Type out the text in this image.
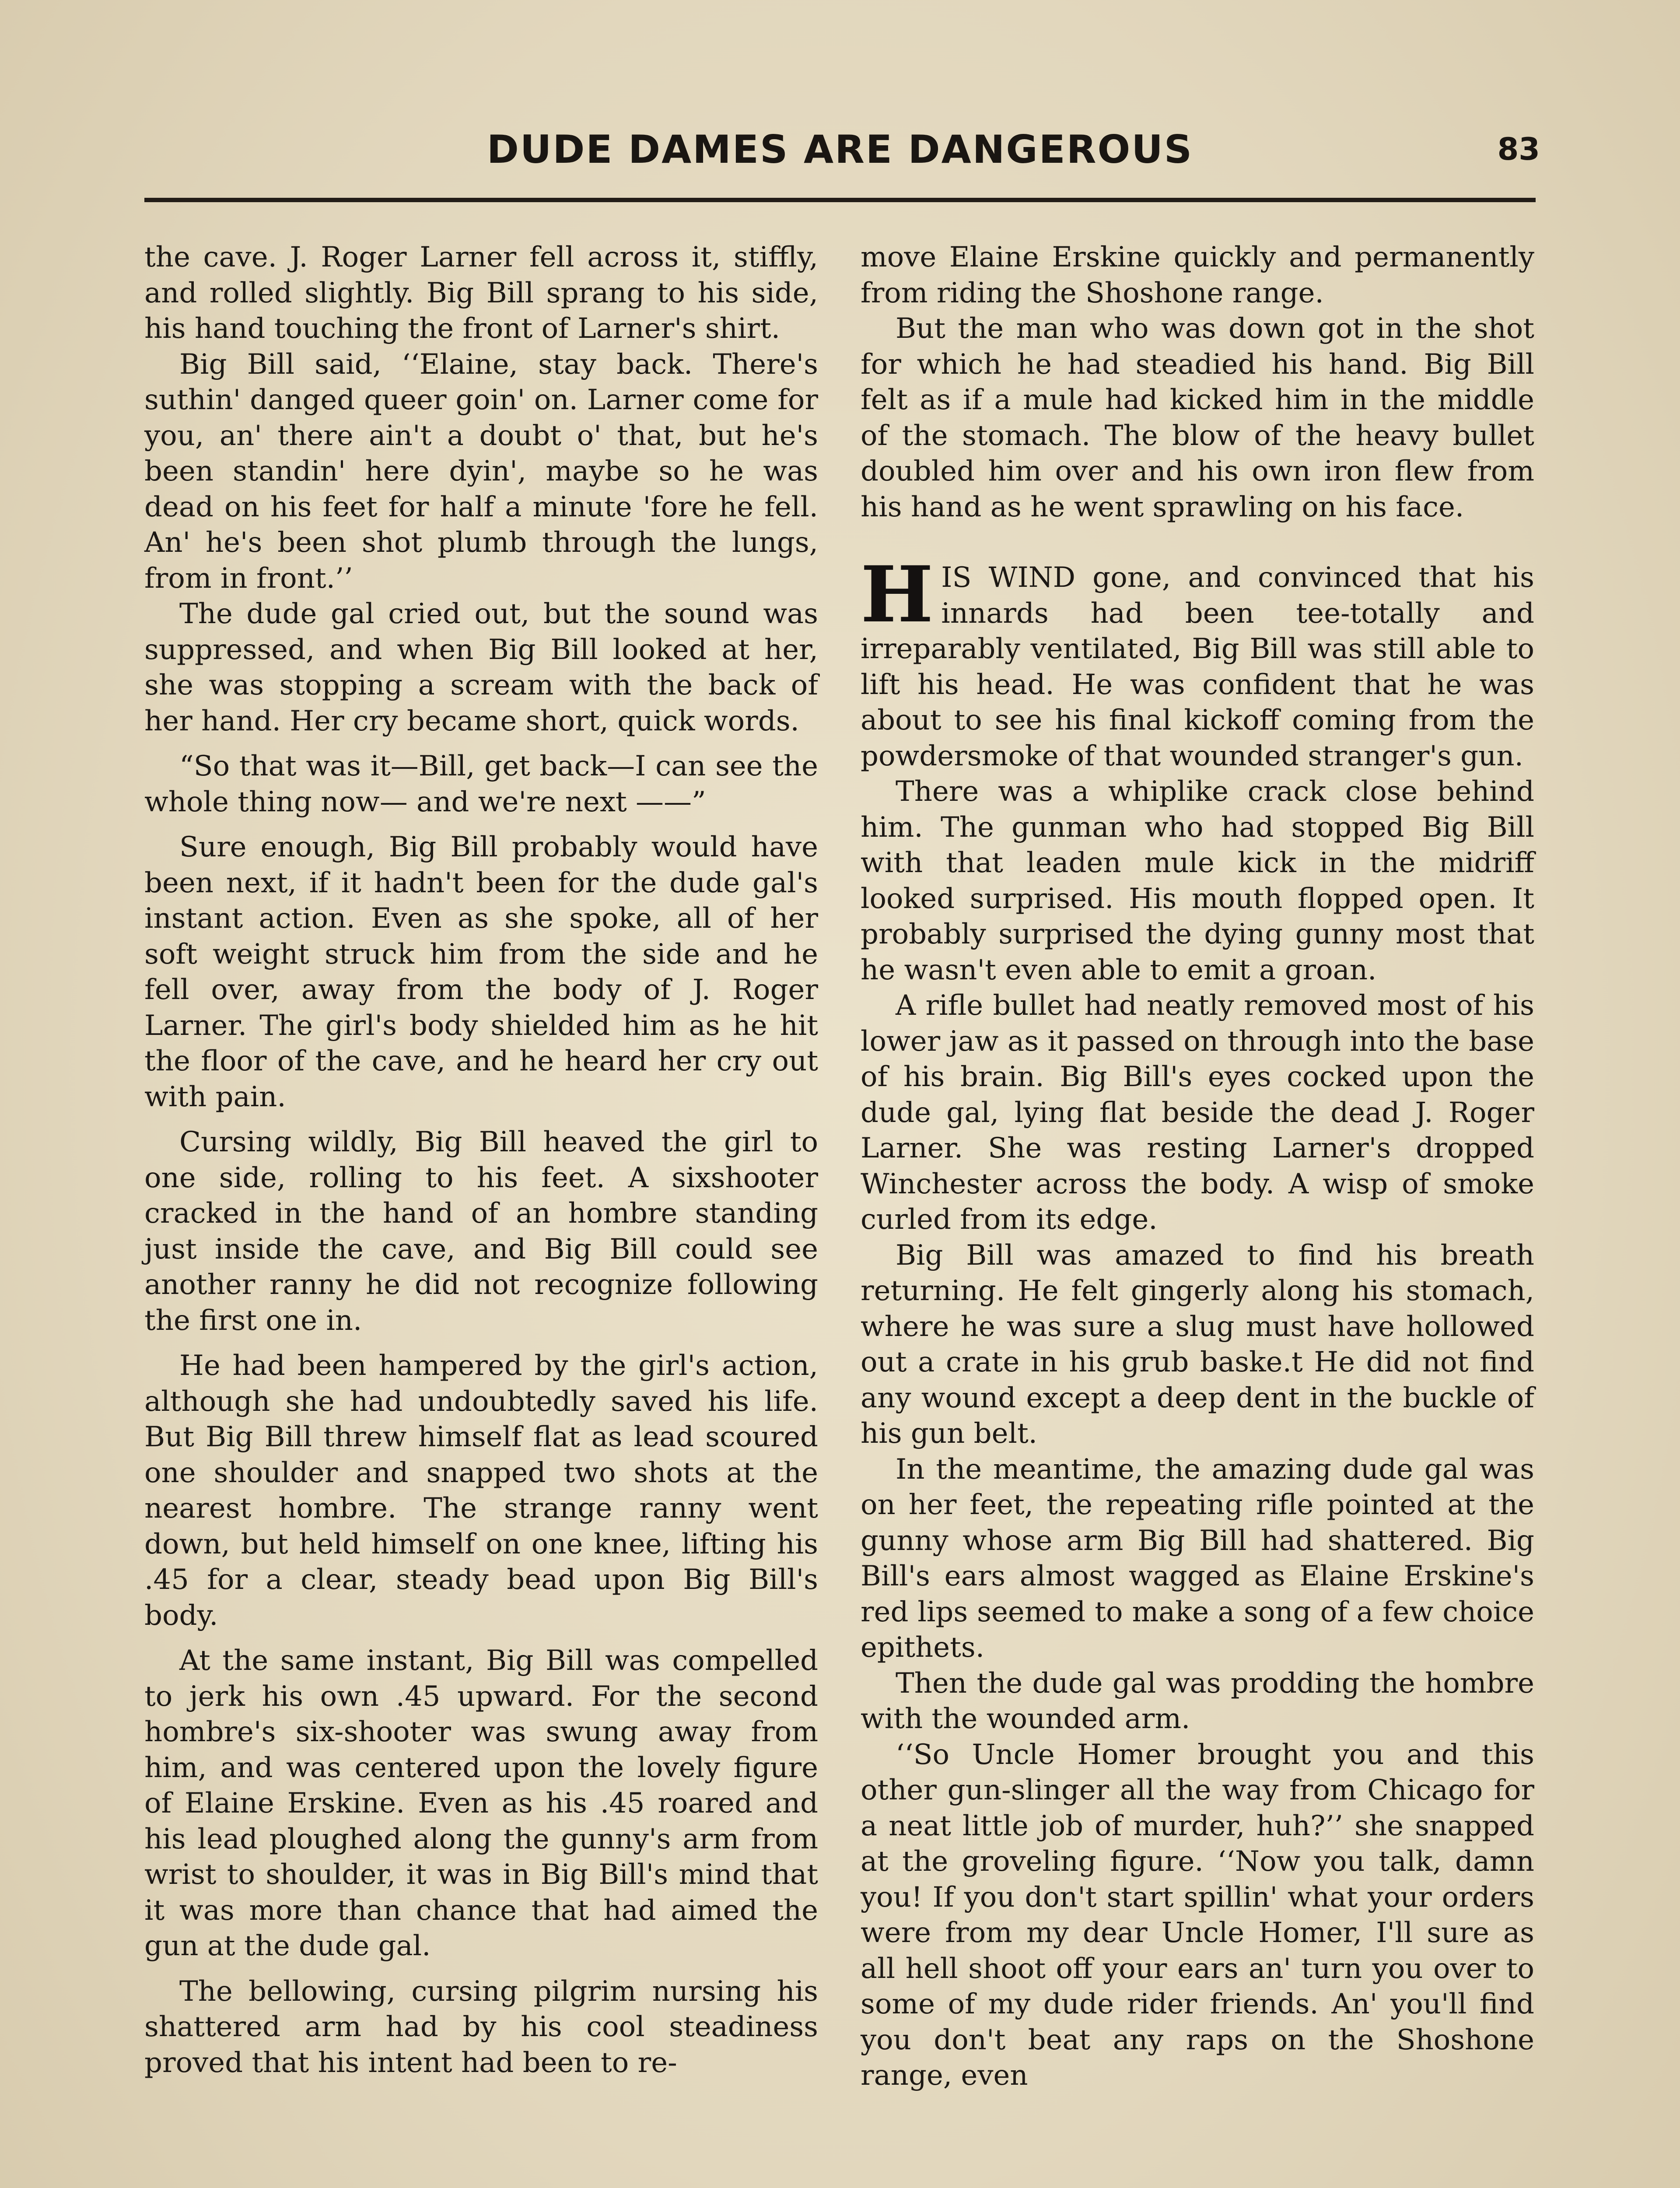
DUDE DAMES ARE DANGEROUS	83

the cave. J. Roger Larner fell across it, stiffly, and rolled slightly. Big Bill sprang to his side, his hand touching the front of Larner's shirt.

Big Bill said, ‘‘Elaine, stay back. There's suthin' danged queer goin' on. Larner come for you, an' there ain't a doubt o' that, but he's been standin' here dyin', maybe so he was dead on his feet for half a minute 'fore he fell. An' he's been shot plumb through the lungs, from in front.’’

The dude gal cried out, but the sound was suppressed, and when Big Bill looked at her, she was stopping a scream with the back of her hand. Her cry became short, quick words.

“So that was it—Bill, get back—I can see the whole thing now— and we're next ——”

Sure enough, Big Bill probably would have been next, if it hadn't been for the dude gal's instant action. Even as she spoke, all of her soft weight struck him from the side and he fell over, away from the body of J. Roger Larner. The girl's body shielded him as he hit the floor of the cave, and he heard her cry out with pain.

Cursing wildly, Big Bill heaved the girl to one side, rolling to his feet. A sixshooter cracked in the hand of an hombre standing just inside the cave, and Big Bill could see another ranny he did not recognize following the first one in.

He had been hampered by the girl's action, although she had undoubtedly saved his life. But Big Bill threw himself flat as lead scoured one shoulder and snapped two shots at the nearest hombre. The strange ranny went down, but held himself on one knee, lifting his .45 for a clear, steady bead upon Big Bill's body.

At the same instant, Big Bill was compelled to jerk his own .45 upward. For the second hombre's six-shooter was swung away from him, and was centered upon the lovely figure of Elaine Erskine. Even as his .45 roared and his lead ploughed along the gunny's arm from wrist to shoulder, it was in Big Bill's mind that it was more than chance that had aimed the gun at the dude gal.

The bellowing, cursing pilgrim nursing his shattered arm had by his cool steadiness proved that his intent had been to re-

move Elaine Erskine quickly and permanently from riding the Shoshone range.

But the man who was down got in the shot for which he had steadied his hand. Big Bill felt as if a mule had kicked him in the middle of the stomach. The blow of the heavy bullet doubled him over and his own iron flew from his hand as he went sprawling on his face.

HIS WIND gone, and convinced that his innards had been tee-totally and irreparably ventilated, Big Bill was still able to lift his head. He was confident that he was about to see his final kickoff coming from the powdersmoke of that wounded stranger's gun.

There was a whiplike crack close behind him. The gunman who had stopped Big Bill with that leaden mule kick in the midriff looked surprised. His mouth flopped open. It probably surprised the dying gunny most that he wasn't even able to emit a groan.

A rifle bullet had neatly removed most of his lower jaw as it passed on through into the base of his brain. Big Bill's eyes cocked upon the dude gal, lying flat beside the dead J. Roger Larner. She was resting Larner's dropped Winchester across the body. A wisp of smoke curled from its edge.

Big Bill was amazed to find his breath returning. He felt gingerly along his stomach, where he was sure a slug must have hollowed out a crate in his grub baske.t He did not find any wound except a deep dent in the buckle of his gun belt.

In the meantime, the amazing dude gal was on her feet, the repeating rifle pointed at the gunny whose arm Big Bill had shattered. Big Bill's ears almost wagged as Elaine Erskine's red lips seemed to make a song of a few choice epithets.

Then the dude gal was prodding the hombre with the wounded arm.

‘‘So Uncle Homer brought you and this other gun-slinger all the way from Chicago for a neat little job of murder, huh?’’ she snapped at the groveling figure. ‘‘Now you talk, damn you! If you don't start spillin' what your orders were from my dear Uncle Homer, I'll sure as all hell shoot off your ears an' turn you over to some of my dude rider friends. An' you'll find you don't beat any raps on the Shoshone range, even
